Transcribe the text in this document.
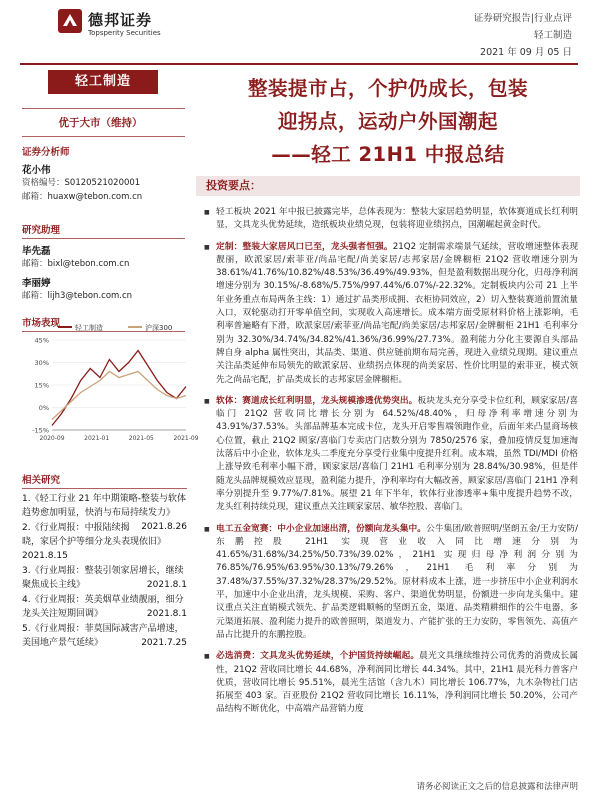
德邦证券
Topsperity Securities
证券研究报告|行业点评
轻工制造
2021 年 09 月 05 日
轻工制造
优于大市（维持）
证券分析师
花小伟
资格编号：S0120521020001
邮箱：huaxw@tebon.com.cn
研究助理
毕先磊
邮箱：bixl@tebon.com.cn
李丽婷
邮箱：lijh3@tebon.com.cn
市场表现	轻工制造	沪深300
45%
30%
15%
0%
-15%
2020-09	2021-01	2021-05	2021-09
相关研究
1.《轻工行业 21 年中期策略-整装与软体趋势愈加明显，快消与布局持续发力》
2021.8.26
2.《行业周报：中报陆续揭晓，家居个护等细分龙头表现依旧》
2021.8.15
3.《行业周报：整装引领家居增长，继续聚焦成长主线》	2021.8.1
4.《行业周报：英美烟草业绩靓丽，细分龙头关注短期回调》	2021.8.1
5.《行业周报：菲莫国际减害产品增速，美国地产景气延续》	2021.7.25
整装提市占，个护仍成长，包装
迎拐点，运动户外国潮起
——轻工 21H1 中报总结
投资要点：
■ 轻工板块 2021 年中报已披露完毕，总体表现为：整装大家居趋势明显，软体赛道成长红利明显，文具龙头优势延续，造纸板块业绩兑现，包装将迎业绩拐点，国潮崛起黄金时代。
■ 定制：整装大家居风口已至，龙头强者恒强。21Q2 定制需求端景气延续，营收增速整体表现靓丽，欧派家居/索菲亚/尚品宅配/尚美家居/志邦家居/金牌橱柜 21Q2 营收增速分别为 38.61%/41.76%/10.82%/48.53%/36.49%/49.93%，但是盈利数据出现分化，归母净利润增速分别为 30.15%/-8.68%/5.75%/997.44%/6.07%/-22.32%。定制板块内公司 21 上半年业务重点布局两条主线：1）通过扩品类形成拥、衣柜协同效应，2）切入整装赛道前置流量入口，双轮驱动打开零单值空间，实现收入高速增长。成本端方面受原材料价格上涨影响，毛利率普遍略有下滑，欧派家居/索菲亚/尚品宅配/尚美家居/志邦家居/金牌橱柜 21H1 毛利率分别为 32.30%/34.74%/34.82%/41.36%/36.99%/27.73%。盈利能力分化主要源自头部品牌自身 alpha 属性突出，其品类、渠道、供应链前期布局完善，现进入业绩兑现期。建议重点关注品类延伸布局领先的欧派家居、业绩拐点体现的尚美家居、性价比明显的索菲亚，模式领先之尚品宅配，扩品类成长的志邦家居金牌橱柜。
■ 软体：赛道成长红利明显，龙头规模渗透优势突出。板块龙头充分享受卡位红利，顾家家居/喜临门 21Q2 营收同比增长分别为 64.52%/48.40%，归母净利率增速分别为 43.91%/37.53%。头部品牌基本完成卡位，龙头开启零售端领跑作业，后面年来凸显商场核心位置，截止 21Q2 顾家/喜临门专卖店门店数分别为 7850/2576 家，叠加疫情反复加速淘汰落后中小企业，软体龙头二季度充分享受行业集中度提升红利。成本端，虽然 TDI/MDI 价格上涨导致毛利率小幅下滑，顾家家居/喜临门 21H1 毛利率分别为 28.84%/30.98%，但是伴随龙头品牌规模效应显现，盈利能力提升，净利率均有大幅改善，顾家家居/喜临门 21H1 净利率分别提升至 9.77%/7.81%。展望 21 年下半年，软体行业渗透率+集中度提升趋势不改，龙头红利持续兑现，建议重点关注顾家家居、敏华控股、喜临门。
■ 电工五金宽赛：中小企业加速出清，份额向龙头集中。公牛集团/欧普照明/坚朗五金/王力安防/东鹏控股 21H1 实现营业收入同比增速分别为 41.65%/31.68%/34.25%/50.73%/39.02%，21H1 实现归母净利润分别为 76.85%/76.95%/63.95%/30.13%/79.26%，21H1 毛利率分别为 37.48%/37.55%/37.32%/28.37%/29.52%。原材料成本上涨，进一步挤压中小企业利润水平，加速中小企业出清，龙头规模、采购、客户、渠道优势明显，份额进一步向龙头集中。建议重点关注直销模式领先、扩品类逻辑顺畅的坚朗五金，渠道、品类精耕细作的公牛电器，多元渠道拓展、盈利能力提升的欧普照明，渠道发力、产能扩张的王力安防，零售领先、高值产品占比提升的东鹏控股。
■ 必选消费：文具龙头优势延续，个护国货持续崛起。晨光文具继续维持公司优秀的消费成长属性，21Q2 营收同比增长 44.68%，净利润同比增长 44.34%。其中，21H1 晨光科力普客户优质，营收同比增长 95.51%，晨光生活馆（含九木）同比增长 106.77%，九木杂物社门店拓展至 403 家。百亚股份 21Q2 营收同比增长 16.11%，净利润同比增长 50.20%，公司产品结构不断优化，中高端产品营销力度
请务必阅读正文之后的信息披露和法律声明
